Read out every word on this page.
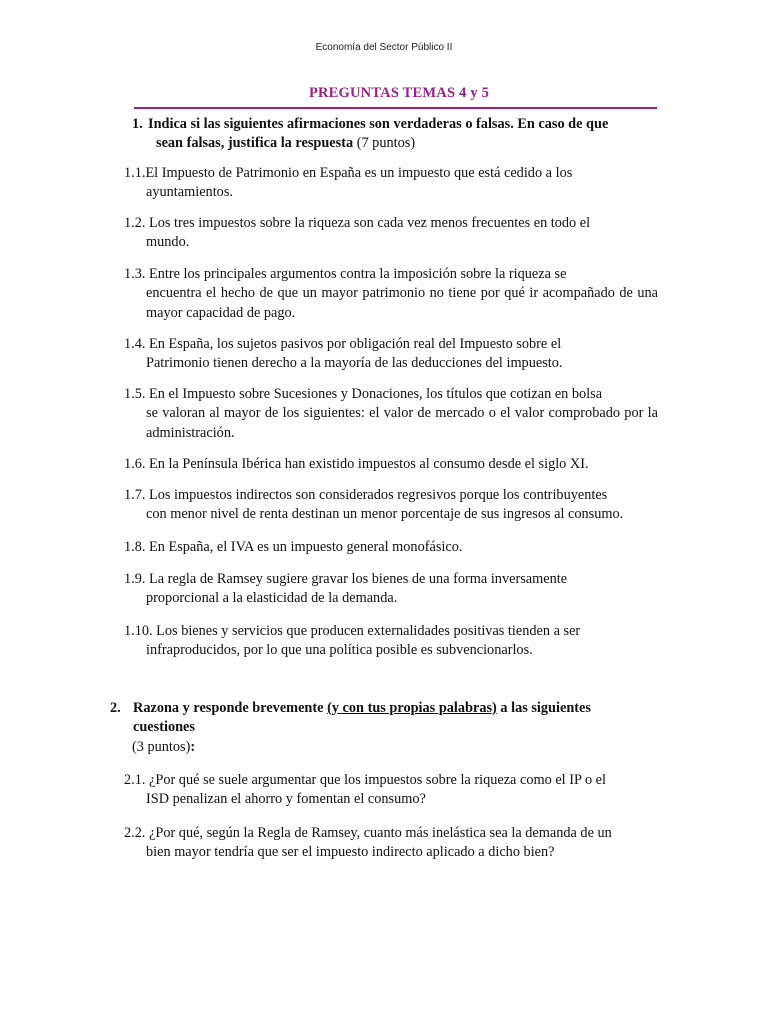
Economía del Sector Público II
PREGUNTAS TEMAS 4 y 5
1. Indica si las siguientes afirmaciones son verdaderas o falsas. En caso de que
sean falsas, justifica la respuesta (7 puntos)
1.1.El Impuesto de Patrimonio en España es un impuesto que está cedido a los
ayuntamientos.
1.2. Los tres impuestos sobre la riqueza son cada vez menos frecuentes en todo el
mundo.
1.3. Entre los principales argumentos contra la imposición sobre la riqueza se
encuentra el hecho de que un mayor patrimonio no tiene por qué ir acompañado de una mayor capacidad de pago.
1.4. En España, los sujetos pasivos por obligación real del Impuesto sobre el
Patrimonio tienen derecho a la mayoría de las deducciones del impuesto.
1.5. En el Impuesto sobre Sucesiones y Donaciones, los títulos que cotizan en bolsa
se valoran al mayor de los siguientes: el valor de mercado o el valor comprobado por la administración.
1.6. En la Península Ibérica han existido impuestos al consumo desde el siglo XI.
1.7. Los impuestos indirectos son considerados regresivos porque los contribuyentes
con menor nivel de renta destinan un menor porcentaje de sus ingresos al consumo.
1.8. En España, el IVA es un impuesto general monofásico.
1.9. La regla de Ramsey sugiere gravar los bienes de una forma inversamente
proporcional a la elasticidad de la demanda.
1.10. Los bienes y servicios que producen externalidades positivas tienden a ser
infraproducidos, por lo que una política posible es subvencionarlos.
2. Razona y responde brevemente (y con tus propias palabras) a las siguientes
cuestiones
(3 puntos):
2.1. ¿Por qué se suele argumentar que los impuestos sobre la riqueza como el IP o el
ISD penalizan el ahorro y fomentan el consumo?
2.2. ¿Por qué, según la Regla de Ramsey, cuanto más inelástica sea la demanda de un
bien mayor tendría que ser el impuesto indirecto aplicado a dicho bien?
